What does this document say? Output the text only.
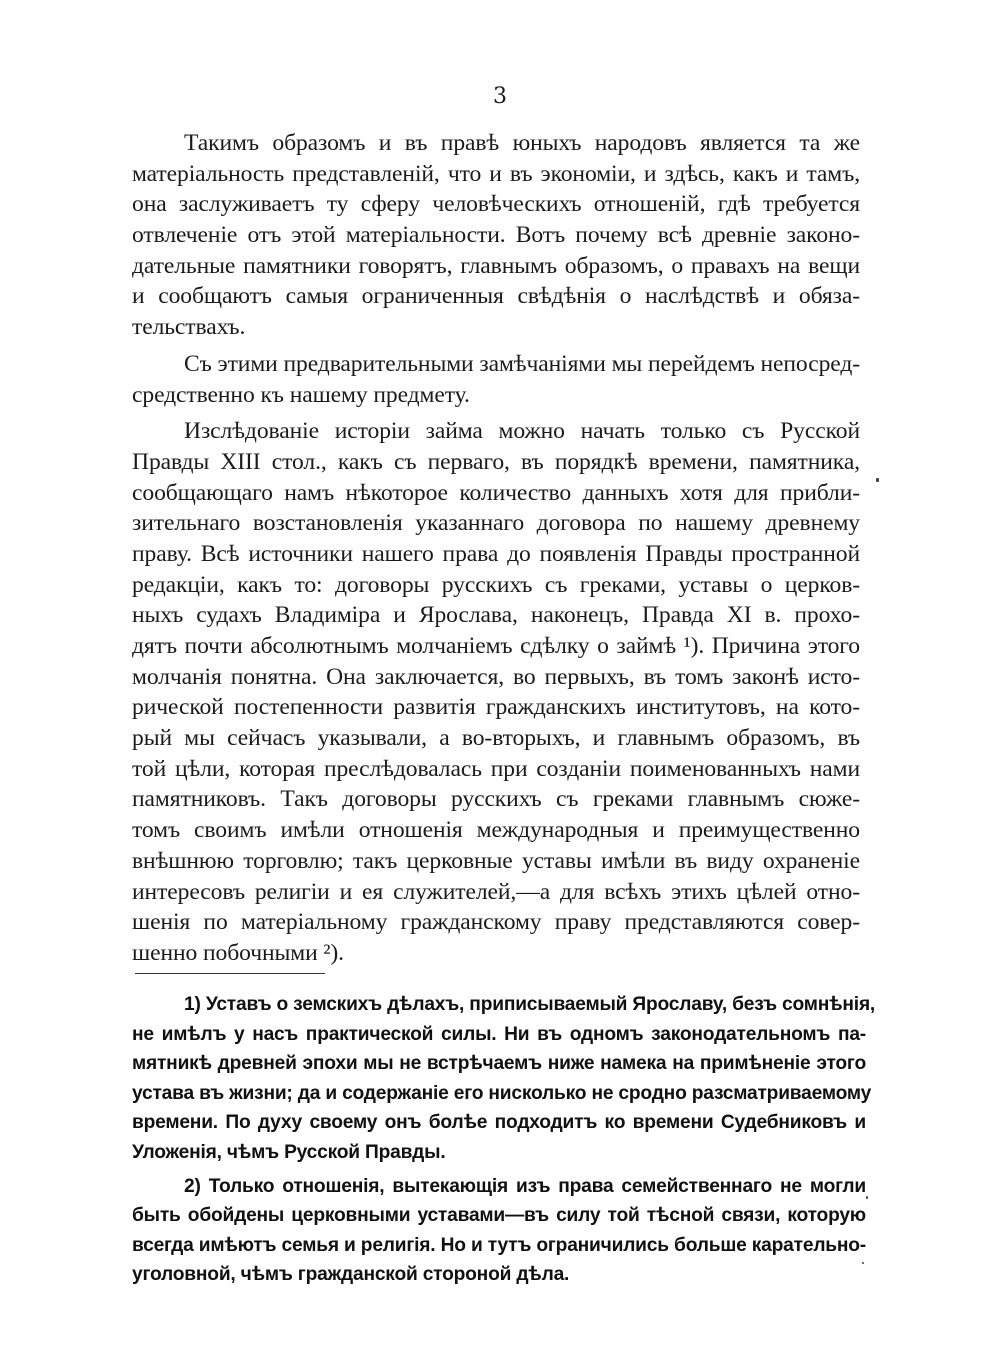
3
Такимъ образомъ и въ правѣ юныхъ народовъ является та же
матеріальность представленій, что и въ экономіи, и здѣсь, какъ и тамъ,
она заслуживаетъ ту сферу человѣческихъ отношеній, гдѣ требуется
отвлеченіе отъ этой матеріальности. Вотъ почему всѣ древніе законо-
дательные памятники говорятъ, главнымъ образомъ, о правахъ на вещи
и сообщаютъ самыя ограниченныя свѣдѣнія о наслѣдствѣ и обяза-
тельствахъ.
Съ этими предварительными замѣчаніями мы перейдемъ непосред-
средственно къ нашему предмету.
Изслѣдованіе исторіи займа можно начать только съ Русской
Правды XIII стол., какъ съ перваго, въ порядкѣ времени, памятника,
сообщающаго намъ нѣкоторое количество данныхъ хотя для прибли-
зительнаго возстановленія указаннаго договора по нашему древнему
праву. Всѣ источники нашего права до появленія Правды пространной
редакціи, какъ то: договоры русскихъ съ греками, уставы о церков-
ныхъ судахъ Владиміра и Ярослава, наконецъ, Правда XI в. прохо-
дятъ почти абсолютнымъ молчаніемъ сдѣлку о займѣ ¹). Причина этого
молчанія понятна. Она заключается, во первыхъ, въ томъ законѣ исто-
рической постепенности развитія гражданскихъ институтовъ, на кото-
рый мы сейчасъ указывали, а во-вторыхъ, и главнымъ образомъ, въ
той цѣли, которая преслѣдовалась при созданіи поименованныхъ нами
памятниковъ. Такъ договоры русскихъ съ греками главнымъ сюже-
томъ своимъ имѣли отношенія международныя и преимущественно
внѣшнюю торговлю; такъ церковные уставы имѣли въ виду охраненіе
интересовъ религіи и ея служителей,—а для всѣхъ этихъ цѣлей отно-
шенія по матеріальному гражданскому праву представляются совер-
шенно побочными ²).
1) Уставъ о земскихъ дѣлахъ, приписываемый Ярославу, безъ сомнѣнія,
не имѣлъ у насъ практической силы. Ни въ одномъ законодательномъ па-
мятникѣ древней эпохи мы не встрѣчаемъ ниже намека на примѣненіе этого
устава въ жизни; да и содержаніе его нисколько не сродно разсматриваемому
времени. По духу своему онъ болѣе подходитъ ко времени Судебниковъ и
Уложенія, чѣмъ Русской Правды.
2) Только отношенія, вытекающія изъ права семейственнаго не могли
быть обойдены церковными уставами—въ силу той тѣсной связи, которую
всегда имѣютъ семья и религія. Но и тутъ ограничились больше карательно-
уголовной, чѣмъ гражданской стороной дѣла.
